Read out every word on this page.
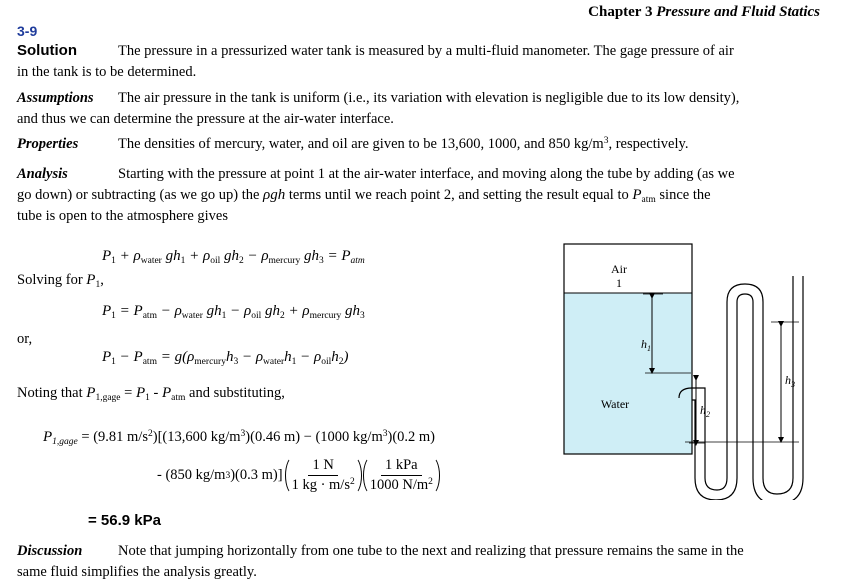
Chapter 3 Pressure and Fluid Statics
3-9
Solution	The pressure in a pressurized water tank is measured by a multi-fluid manometer. The gage pressure of air
in the tank is to be determined.
Assumptions The air pressure in the tank is uniform (i.e., its variation with elevation is negligible due to its low density),
and thus we can determine the pressure at the air-water interface.
Properties	The densities of mercury, water, and oil are given to be 13,600, 1000, and 850 $kg/m^3$, respectively.
Analysis	Starting with the pressure at point 1 at the air-water interface, and moving along the tube by adding (as we
go down) or subtracting (as we go up) the ρgh terms until we reach point 2, and setting the result equal to $P_{atm}$ since the
tube is open to the atmosphere gives
$P_1 + \rho_{water}$ $gh_1 + \rho_{oil}$ $gh_2 - \rho_{mercury}$ $gh_3 = P_{atm}$
Solving for $P_1$,
$P_1 = P_{atm} - \rho_{water}$ $gh_1 - \rho_{oil}$ $gh_2 + \rho_{mercury}$ $gh_3$
or,
$P_1 - P_{atm} = g(\rho_{mercury}h_3 - \rho_{water}h_1 - \rho_{oil}h_2)$
Noting that $P_{1,gage} = P_1 - P_{atm}$ and substituting,
$P_{1,gage} = (9.81$ $m/s^2)[(13,600$ $kg/m^3)(0.46$ m) − (1000 $kg/m^3)(0.2$ m)
- (850 kg/m 3 )(0.3 $m)] \frac{1 N}{1 kg \cdot m/s^2} \frac{\text{1 kPa}}{1000 N/m^2}$
= 56.9 kPa
Discussion Note that jumping horizontally from one tube to the next and realizing that pressure remains the same in the
same fluid simplifies the analysis greatly.
Air
1
Water
$h_1$
$h_2$
$h_3$
